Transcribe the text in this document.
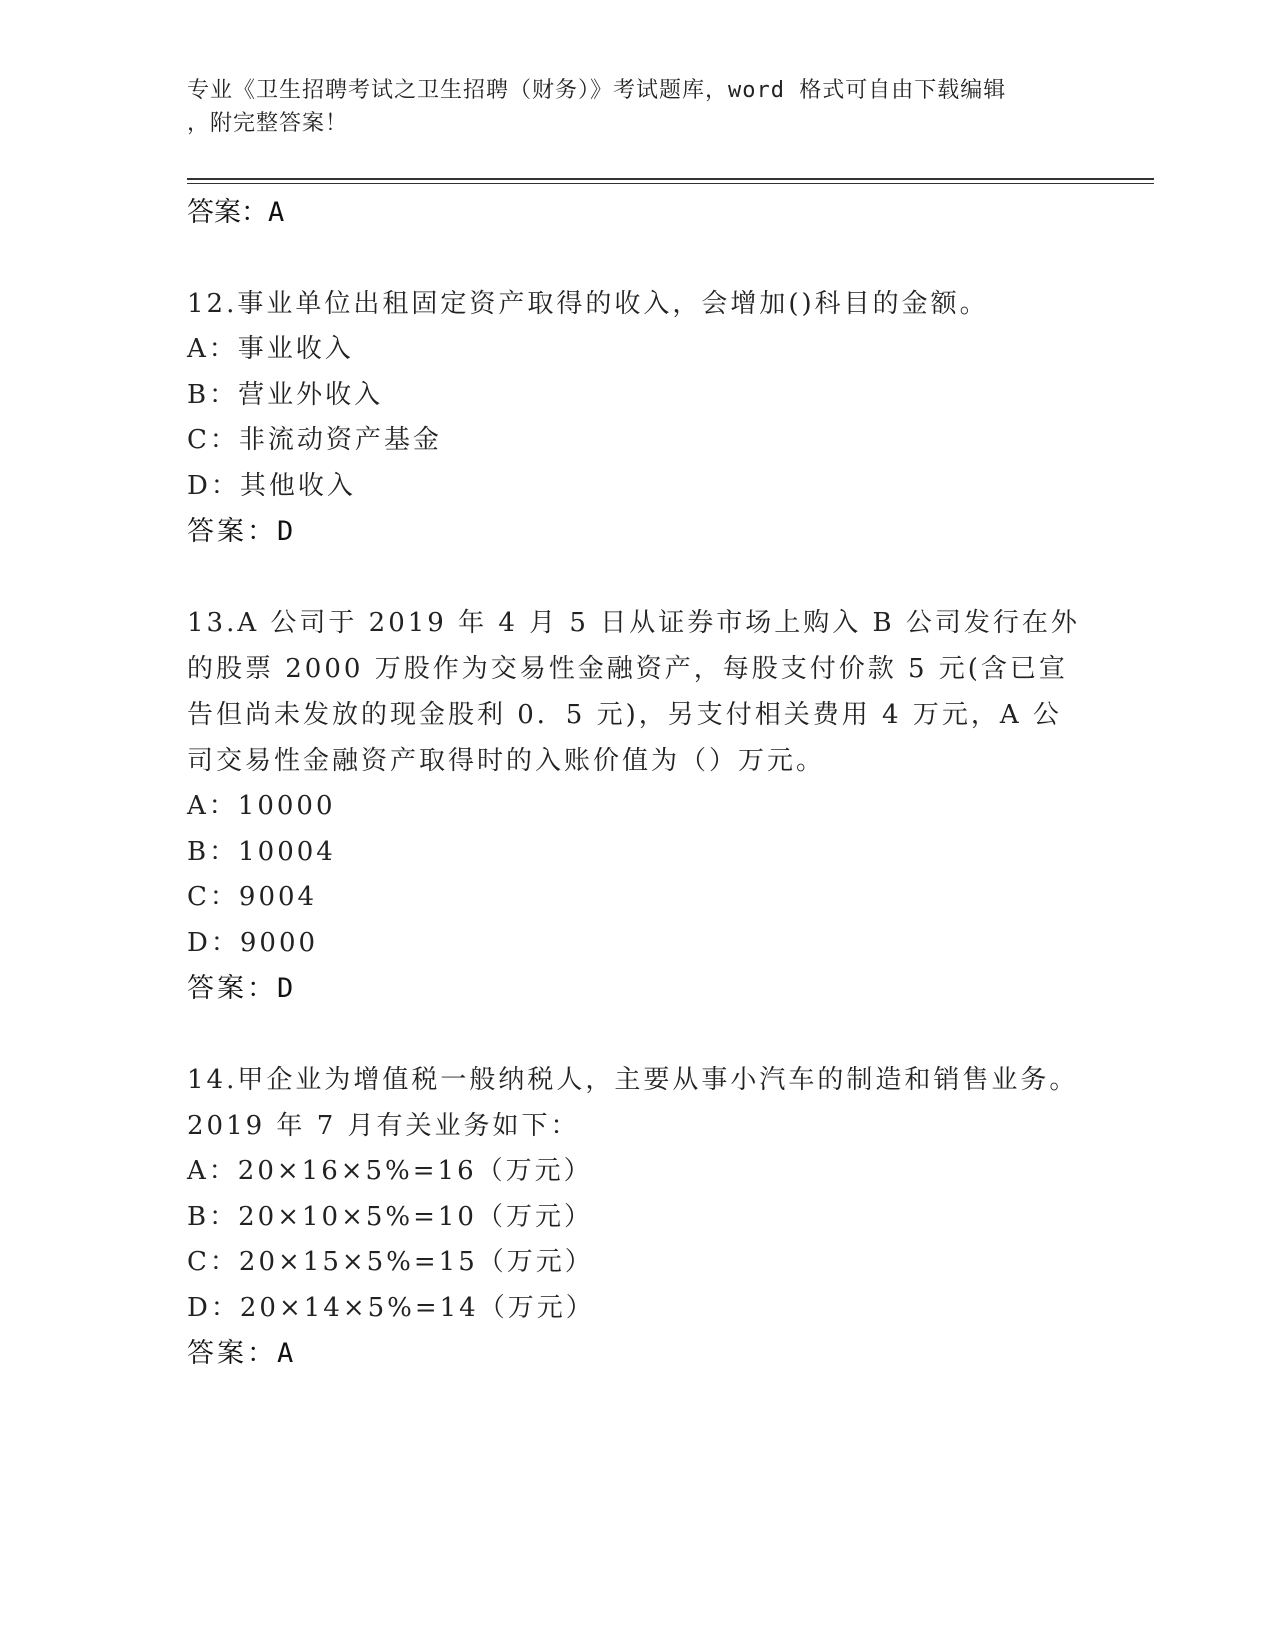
专业《卫生招聘考试之卫生招聘（财务）》考试题库，word 格式可自由下载编辑
，附完整答案！
答案：A

12.事业单位出租固定资产取得的收入，会增加()科目的金额。

A：事业收入
B：营业外收入
C：非流动资产基金
D：其他收入
答案：D

13.A 公司于 2019 年 4 月 5 日从证券市场上购入 B 公司发行在外的股票 2000 万股作为交易性金融资产，每股支付价款 5 元(含已宣告但尚未发放的现金股利 0．5 元)，另支付相关费用 4 万元，A 公司交易性金融资产取得时的入账价值为（）万元。

A：10000
B：10004
C：9004
D：9000
答案：D

14.甲企业为增值税一般纳税人，主要从事小汽车的制造和销售业务。2019 年 7 月有关业务如下：

A：20×16×5%=16（万元）
B：20×10×5%=10（万元）
C：20×15×5%=15（万元）
D：20×14×5%=14（万元）
答案：A
